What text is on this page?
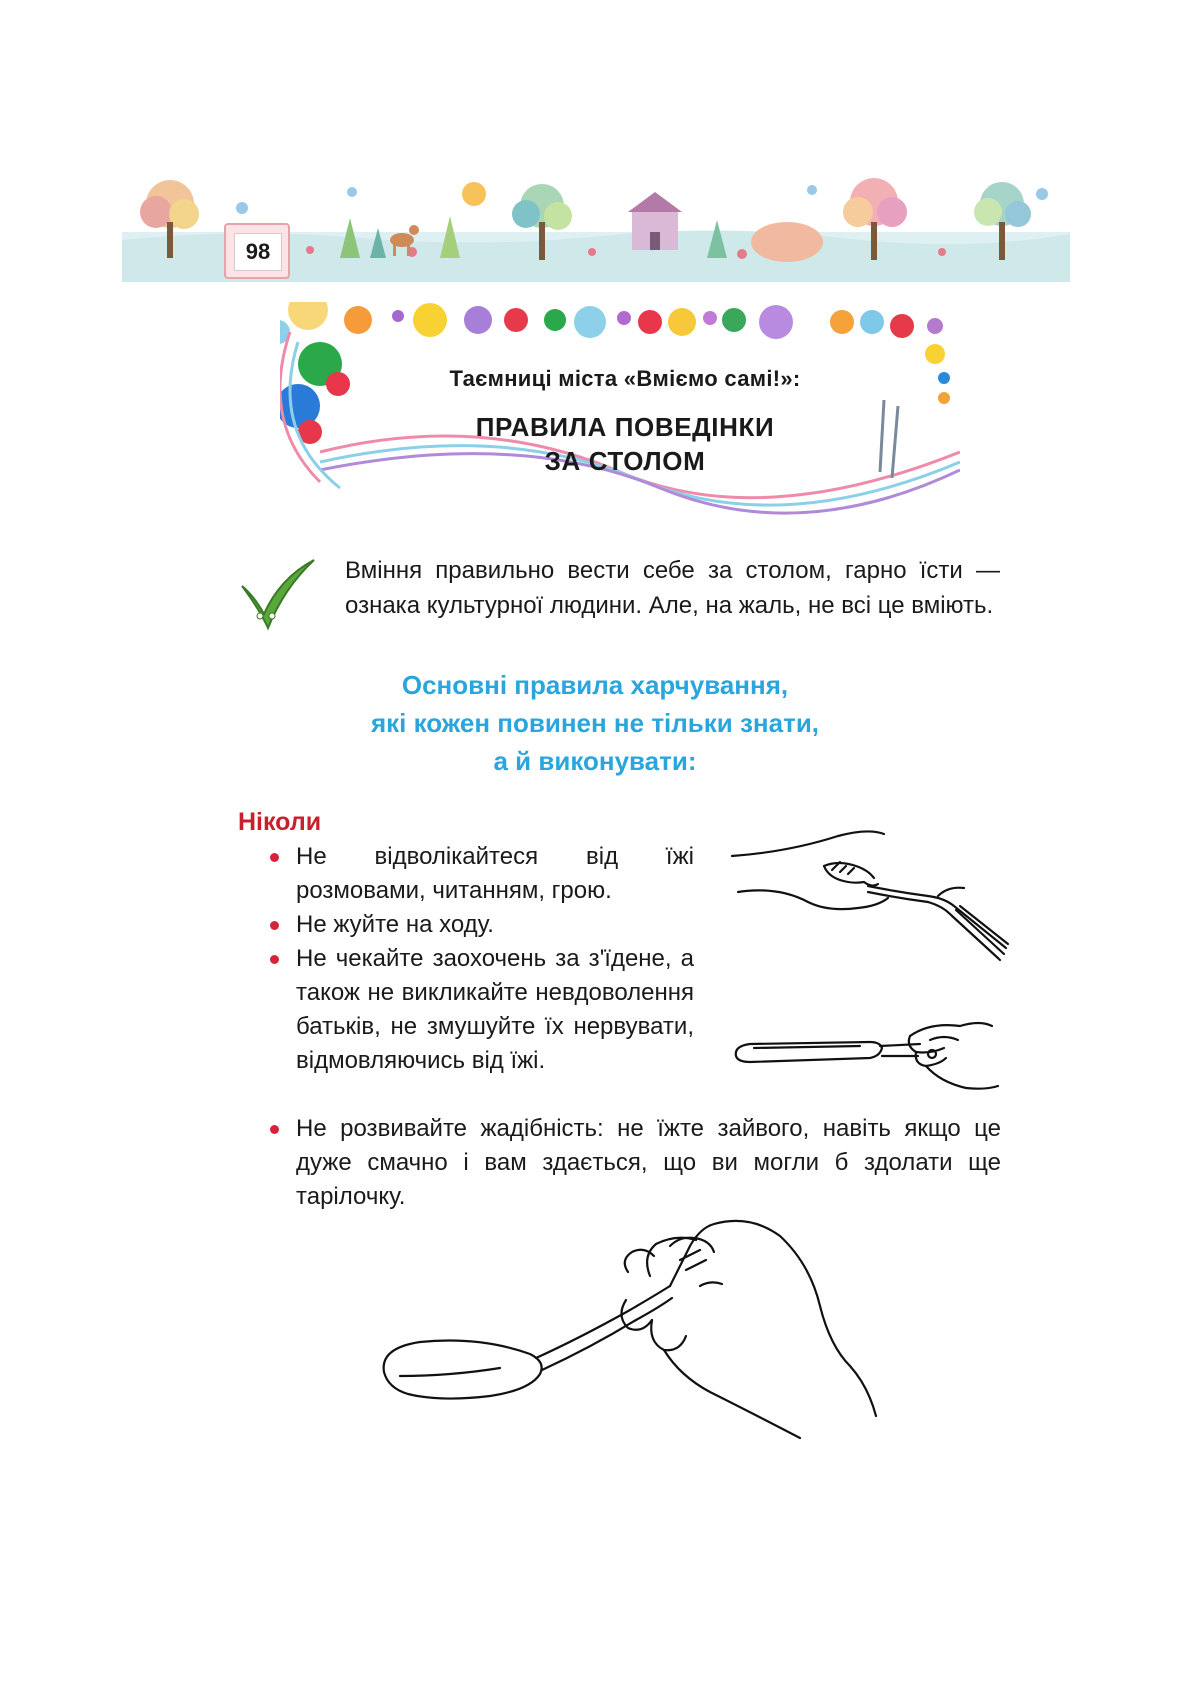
98
Таємниці міста «Вміємо самі!»:
ПРАВИЛА ПОВЕДІНКИ
ЗА СТОЛОМ
Вміння правильно вести себе за столом, гарно їсти — ознака культурної людини. Але, на жаль, не всі це вміють.
Основні правила харчування,
які кожен повинен не тільки знати,
а й виконувати:
Ніколи
Не відволікайтеся від їжі розмовами, читанням, грою.
Не жуйте на ходу.
Не чекайте заохочень за з'їдене, а також не викликайте невдоволення батьків, не змушуйте їх нервувати, відмовляючись від їжі.
Не розвивайте жадібність: не їжте зайвого, навіть якщо це дуже смачно і вам здається, що ви могли б здолати ще тарілочку.
